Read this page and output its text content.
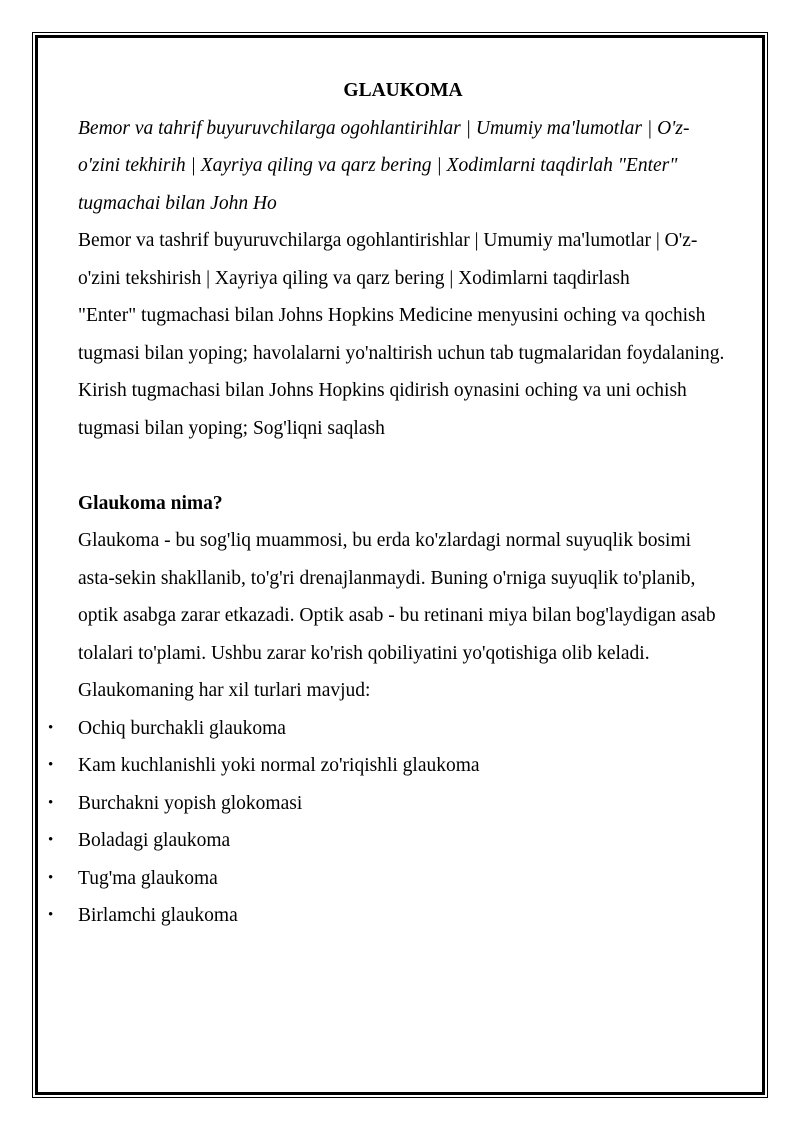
GLAUKOMA

Bemor va tahrif buyuruvchilarga ogohlantirihlar | Umumiy ma'lumotlar | O'z-o'zini tekhirih | Xayriya qiling va qarz bering | Xodimlarni taqdirlah "Enter" tugmachai bilan John Ho

Bemor va tashrif buyuruvchilarga ogohlantirishlar | Umumiy ma'lumotlar | O'z-o'zini tekshirish | Xayriya qiling va qarz bering | Xodimlarni taqdirlash

"Enter" tugmachasi bilan Johns Hopkins Medicine menyusini oching va qochish tugmasi bilan yoping; havolalarni yo'naltirish uchun tab tugmalaridan foydalaning. Kirish tugmachasi bilan Johns Hopkins qidirish oynasini oching va uni ochish tugmasi bilan yoping; Sog'liqni saqlash

Glaukoma nima?

Glaukoma - bu sog'liq muammosi, bu erda ko'zlardagi normal suyuqlik bosimi asta-sekin shakllanib, to'g'ri drenajlanmaydi. Buning o'rniga suyuqlik to'planib, optik asabga zarar etkazadi. Optik asab - bu retinani miya bilan bog'laydigan asab tolalari to'plami. Ushbu zarar ko'rish qobiliyatini yo'qotishiga olib keladi.

Glaukomaning har xil turlari mavjud:

• Ochiq burchakli glaukoma
• Kam kuchlanishli yoki normal zo'riqishli glaukoma
• Burchakni yopish glokomasi
• Boladagi glaukoma
• Tug'ma glaukoma
• Birlamchi glaukoma
